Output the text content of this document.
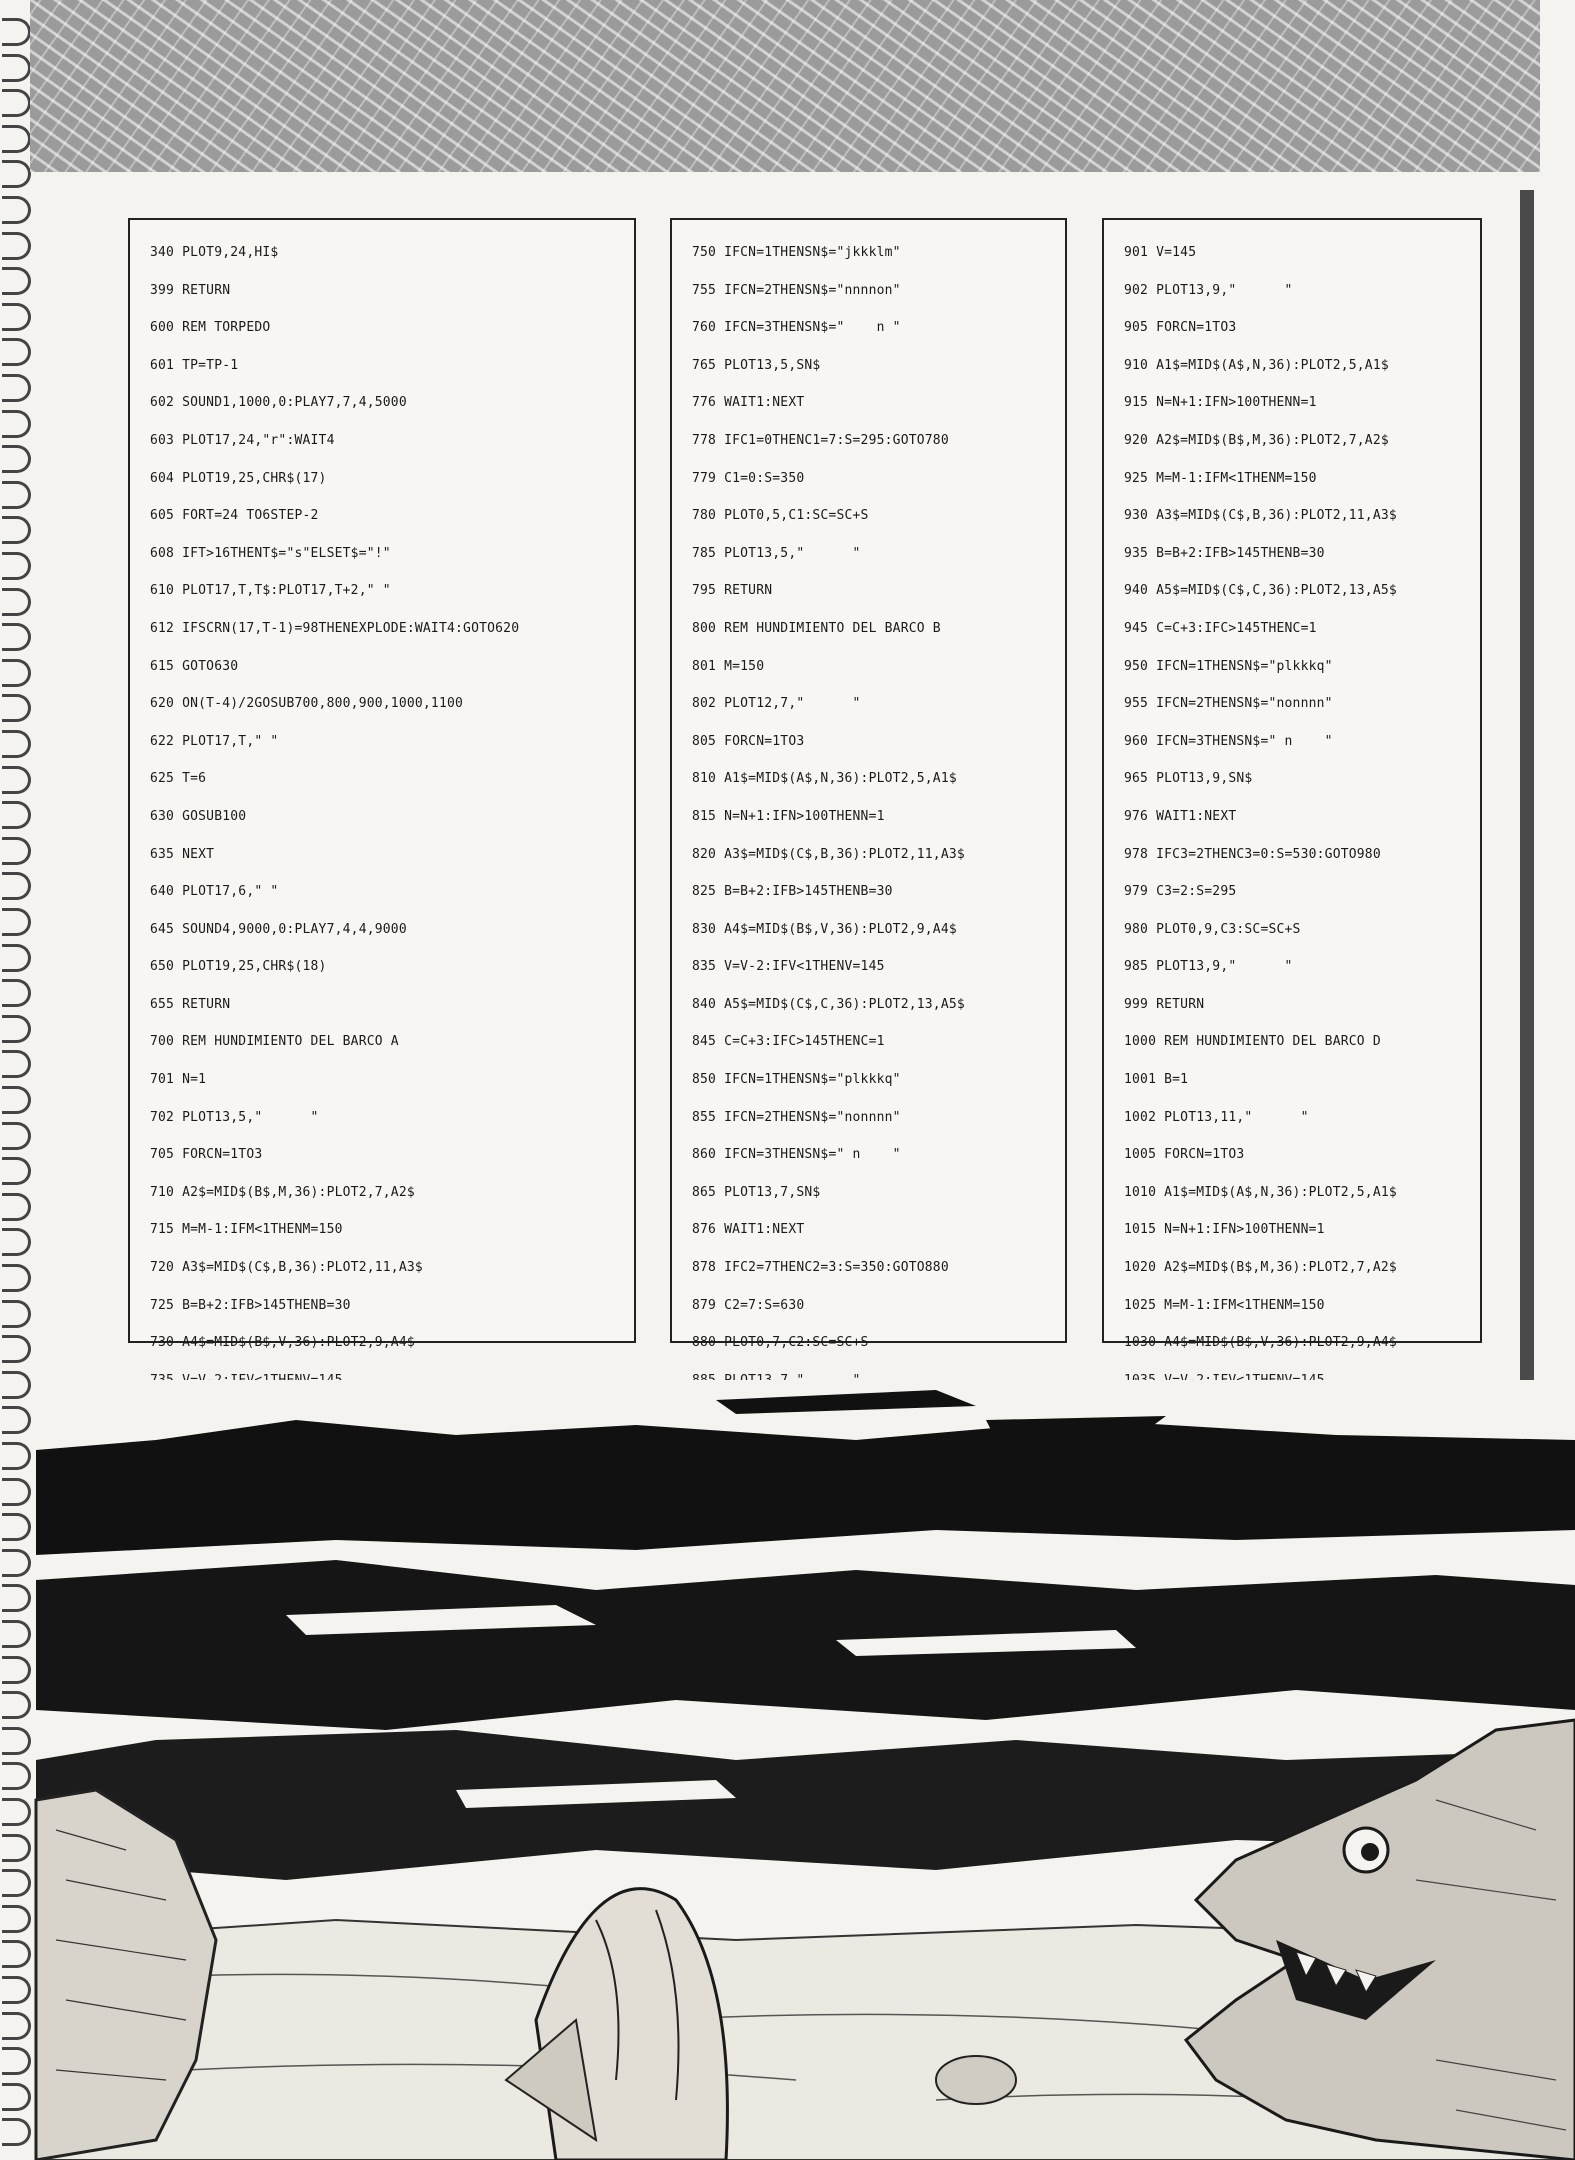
340 PLOT9,24,HI$
399 RETURN
600 REM TORPEDO
601 TP=TP-1
602 SOUND1,1000,0:PLAY7,7,4,5000
603 PLOT17,24,"r":WAIT4
604 PLOT19,25,CHR$(17)
605 FORT=24 TO6STEP-2
608 IFT>16THENT$="s"ELSET$="!"
610 PLOT17,T,T$:PLOT17,T+2," "
612 IFSCRN(17,T-1)=98THENEXPLODE:WAIT4:GOTO620
615 GOTO630
620 ON(T-4)/2GOSUB700,800,900,1000,1100
622 PLOT17,T," "
625 T=6
630 GOSUB100
635 NEXT
640 PLOT17,6," "
645 SOUND4,9000,0:PLAY7,4,4,9000
650 PLOT19,25,CHR$(18)
655 RETURN
700 REM HUNDIMIENTO DEL BARCO A
701 N=1
702 PLOT13,5,"      "
705 FORCN=1TO3
710 A2$=MID$(B$,M,36):PLOT2,7,A2$
715 M=M-1:IFM<1THENM=150
720 A3$=MID$(C$,B,36):PLOT2,11,A3$
725 B=B+2:IFB>145THENB=30
730 A4$=MID$(B$,V,36):PLOT2,9,A4$
750 IFCN=1THENSN$="jkkklm"
755 IFCN=2THENSN$="nnnnon"
760 IFCN=3THENSN$="    n "
765 PLOT13,5,SN$
776 WAIT1:NEXT
778 IFC1=0THENC1=7:S=295:GOTO780
779 C1=0:S=350
780 PLOT0,5,C1:SC=SC+S
785 PLOT13,5,"      "
795 RETURN
800 REM HUNDIMIENTO DEL BARCO B
801 M=150
802 PLOT12,7,"      "
805 FORCN=1TO3
810 A1$=MID$(A$,N,36):PLOT2,5,A1$
815 N=N+1:IFN>100THENN=1
820 A3$=MID$(C$,B,36):PLOT2,11,A3$
825 B=B+2:IFB>145THENB=30
830 A4$=MID$(B$,V,36):PLOT2,9,A4$
835 V=V-2:IFV<1THENV=145
840 A5$=MID$(C$,C,36):PLOT2,13,A5$
845 C=C+3:IFC>145THENC=1
850 IFCN=1THENSN$="plkkkq"
855 IFCN=2THENSN$="nonnnn"
860 IFCN=3THENSN$=" n    "
865 PLOT13,7,SN$
876 WAIT1:NEXT
878 IFC2=7THENC2=3:S=350:GOTO880
879 C2=7:S=630
880 PLOT0,7,C2:SC=SC+S
901 V=145
902 PLOT13,9,"      "
905 FORCN=1TO3
910 A1$=MID$(A$,N,36):PLOT2,5,A1$
915 N=N+1:IFN>100THENN=1
920 A2$=MID$(B$,M,36):PLOT2,7,A2$
925 M=M-1:IFM<1THENM=150
930 A3$=MID$(C$,B,36):PLOT2,11,A3$
935 B=B+2:IFB>145THENB=30
940 A5$=MID$(C$,C,36):PLOT2,13,A5$
945 C=C+3:IFC>145THENC=1
950 IFCN=1THENSN$="plkkkq"
955 IFCN=2THENSN$="nonnnn"
960 IFCN=3THENSN$=" n    "
965 PLOT13,9,SN$
976 WAIT1:NEXT
978 IFC3=2THENC3=0:S=530:GOTO980
979 C3=2:S=295
980 PLOT0,9,C3:SC=SC+S
985 PLOT13,9,"      "
999 RETURN
1000 REM HUNDIMIENTO DEL BARCO D
1001 B=1
1002 PLOT13,11,"      "
1005 FORCN=1TO3
1010 A1$=MID$(A$,N,36):PLOT2,5,A1$
1015 N=N+1:IFN>100THENN=1
1020 A2$=MID$(B$,M,36):PLOT2,7,A2$
1025 M=M-1:IFM<1THENM=150
1030 A4$=MID$(B$,V,36):PLOT2,9,A4$
